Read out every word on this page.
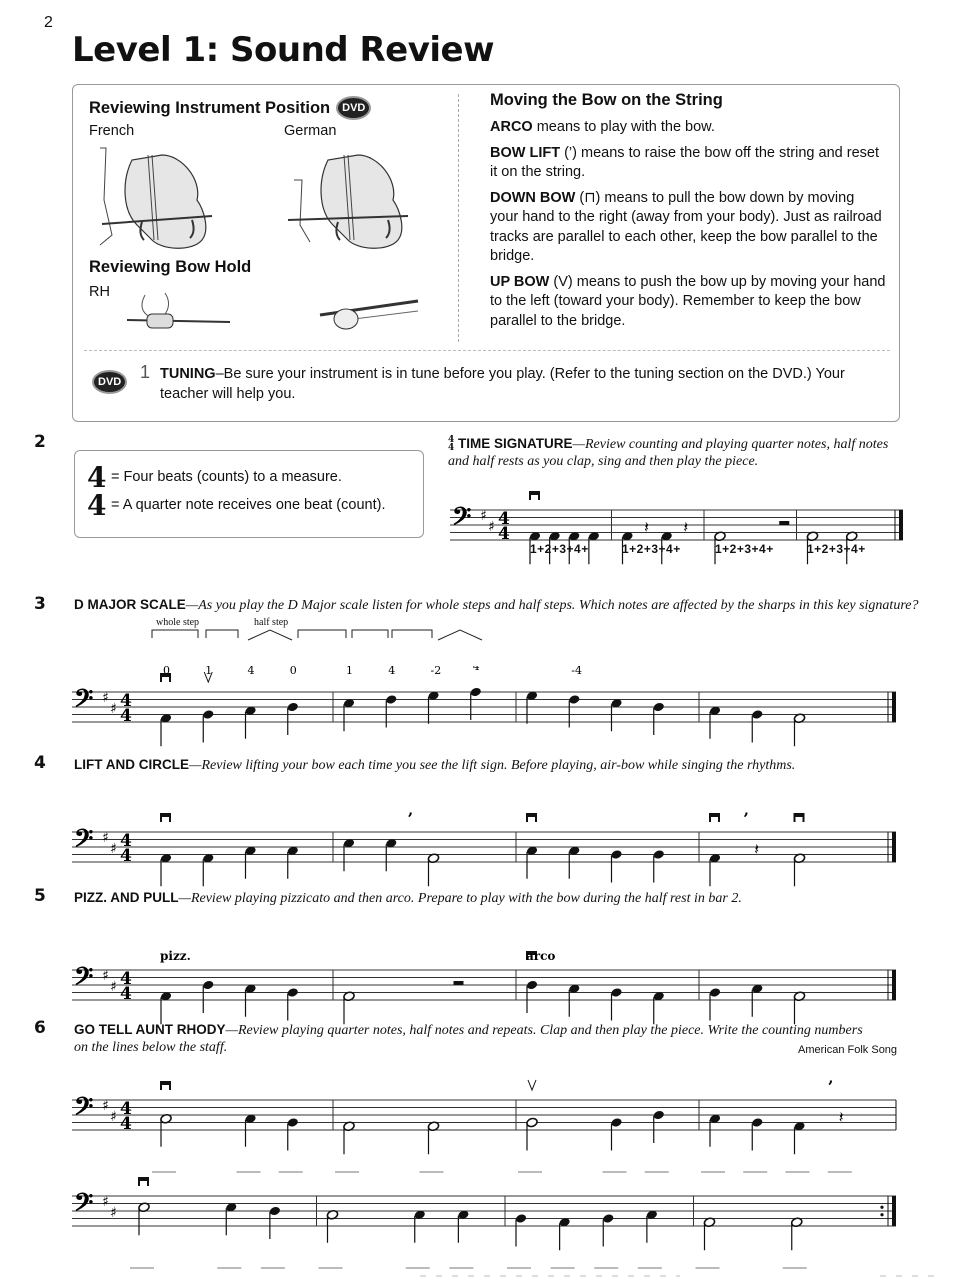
2
Level 1: Sound Review
Reviewing Instrument Position	DVD
French	German
Reviewing Bow Hold
RH
Moving the Bow on the String

ARCO means to play with the bow.

BOW LIFT (’) means to raise the bow off the string and reset it on the string.

DOWN BOW (⊓) means to pull the bow down by moving your hand to the right (away from your body). Just as railroad tracks are parallel to each other, keep the bow parallel to the bridge.

UP BOW (V) means to push the bow up by moving your hand to the left (toward your body). Remember to keep the bow parallel to the bridge.

DVD	1 TUNING–Be sure your instrument is in tune before you play. (Refer to the tuning section on the DVD.) Your teacher will help you.
2
4 = Four beats (counts) to a measure.
4 = A quarter note receives one beat (count).
4
4 TIME SIGNATURE—Review counting and playing quarter notes, half notes and half rests as you clap, sing and then play the piece.
𝄢 ♯
♯ 4
4	𝄽 𝄽
1+2+3+4+	1+2+3+4+	1+2+3+4+	1+2+3+4+
3 D MAJOR SCALE—As you play the D Major scale listen for whole steps and half steps. Which notes are affected by the sharps in this key signature?
whole step	half step
𝄢 ♯
♯ 4
4
0	1	4	0	1	4	-2	4	-4
4 LIFT AND CIRCLE—Review lifting your bow each time you see the lift sign. Before playing, air-bow while singing the rhythms.
𝄢 ♯
♯ 4
4
’
𝄽
’
5 PIZZ. AND PULL—Review playing pizzicato and then arco. Prepare to play with the bow during the half rest in bar 2.
𝄢 ♯
♯ 4
4
pizz.	arco
6 GO TELL AUNT RHODY—Review playing quarter notes, half notes and repeats. Clap and then play the piece. Write the counting numbers on the lines below the staff.	American Folk Song
𝄢 ♯
♯ 4
4	𝄽
’
𝄢 ♯
♯
